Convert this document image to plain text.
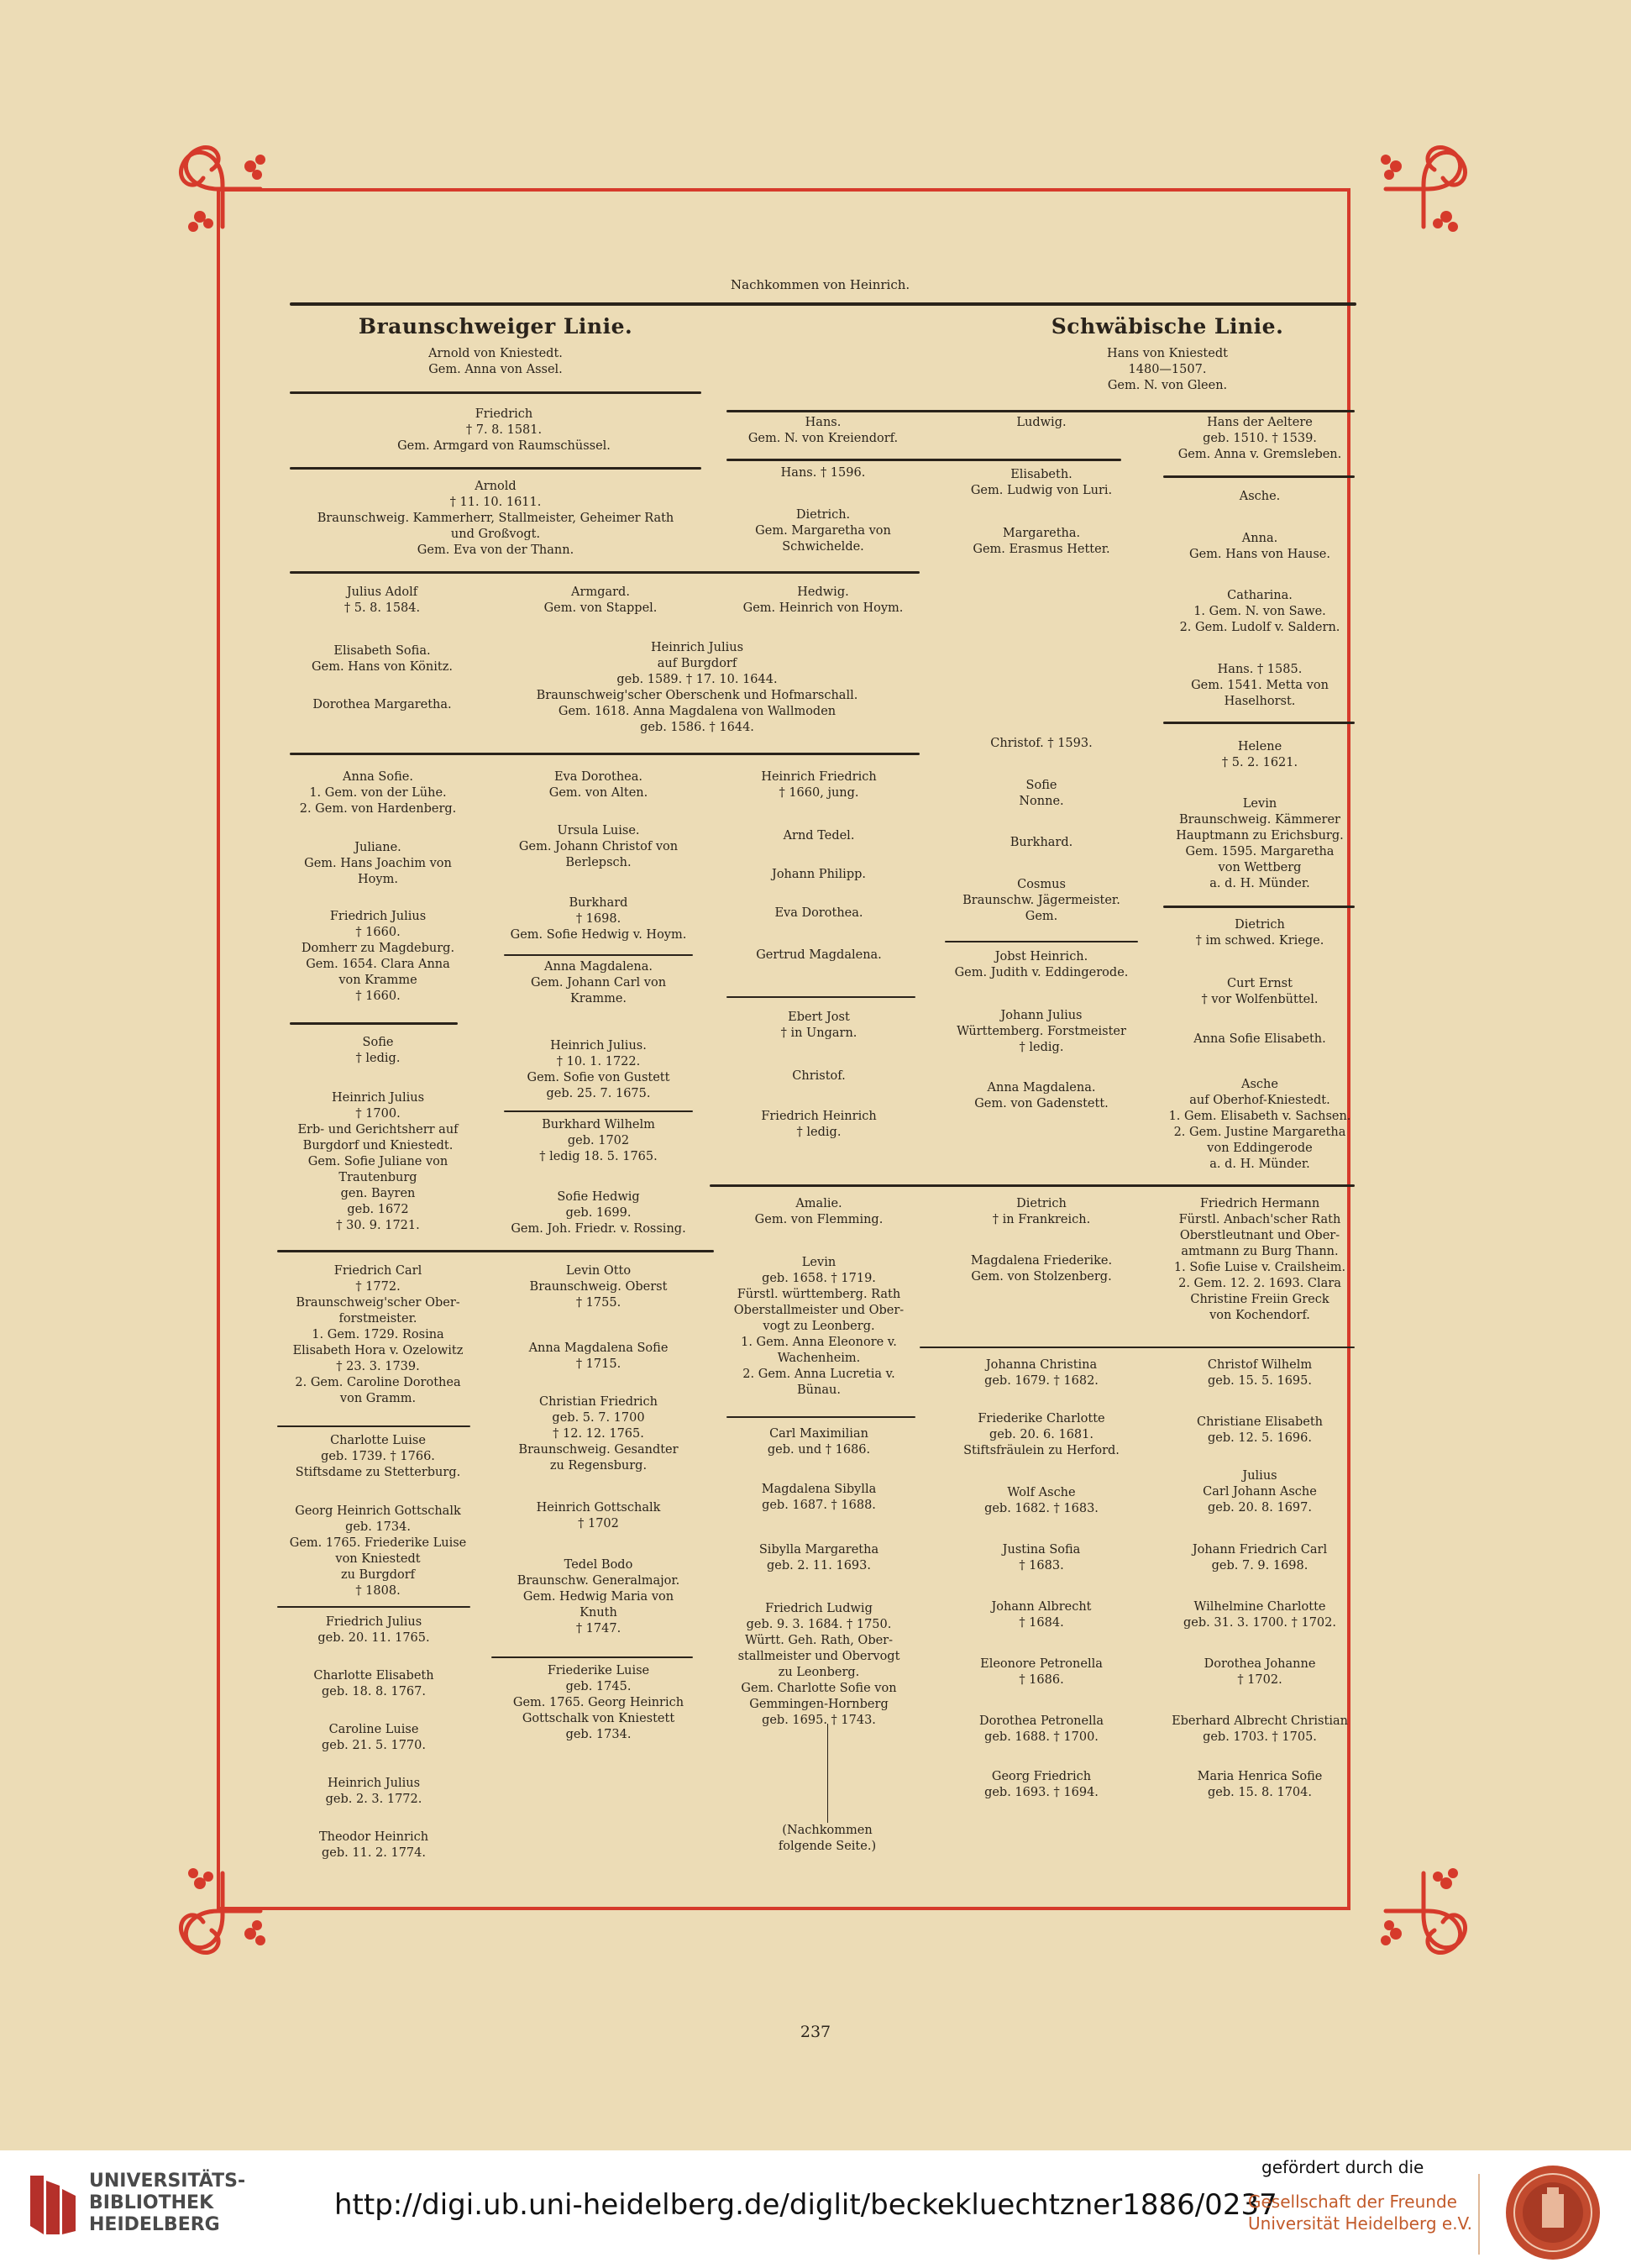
Nachkommen von Heinrich.
Braunschweiger Linie.	Schwäbische Linie.

Arnold von Kniestedt.
Gem. Anna von Assel.

Friedrich
† 7. 8. 1581.
Gem. Armgard von Raumschüssel.

Arnold
† 11. 10. 1611.
Braunschweig. Kammerherr, Stallmeister, Geheimer Rath
und Großvogt.
Gem. Eva von der Thann.

Julius Adolf
† 5. 8. 1584.

Armgard.
Gem. von Stappel.

Elisabeth Sofia.
Gem. Hans von Könitz.

Dorothea Margaretha.

Heinrich Julius
auf Burgdorf
geb. 1589. † 17. 10. 1644.
Braunschweig'scher Oberschenk und Hofmarschall.
Gem. 1618. Anna Magdalena von Wallmoden
geb. 1586. † 1644.

Anna Sofie.
1. Gem. von der Lühe.
2. Gem. von Hardenberg.

Juliane.
Gem. Hans Joachim von
Hoym.

Friedrich Julius
† 1660.
Domherr zu Magdeburg.
Gem. 1654. Clara Anna
von Kramme
† 1660.

Sofie
† ledig.

Heinrich Julius
† 1700.
Erb- und Gerichtsherr auf
Burgdorf und Kniestedt.
Gem. Sofie Juliane von
Trautenburg
gen. Bayren
geb. 1672
† 30. 9. 1721.

Eva Dorothea.
Gem. von Alten.

Ursula Luise.
Gem. Johann Christof von
Berlepsch.

Burkhard
† 1698.
Gem. Sofie Hedwig v. Hoym.

Anna Magdalena.
Gem. Johann Carl von
Kramme.

Heinrich Julius.
† 10. 1. 1722.
Gem. Sofie von Gustett
geb. 25. 7. 1675.

Burkhard Wilhelm
geb. 1702
† ledig 18. 5. 1765.

Sofie Hedwig
geb. 1699.
Gem. Joh. Friedr. v. Rossing.

Friedrich Carl
† 1772.
Braunschweig'scher Ober-
forstmeister.
1. Gem. 1729. Rosina
Elisabeth Hora v. Ozelowitz
† 23. 3. 1739.
2. Gem. Caroline Dorothea
von Gramm.

Charlotte Luise
geb. 1739. † 1766.
Stiftsdame zu Stetterburg.

Georg Heinrich Gottschalk
geb. 1734.
Gem. 1765. Friederike Luise
von Kniestedt
zu Burgdorf
† 1808.

Friedrich Julius
geb. 20. 11. 1765.

Charlotte Elisabeth
geb. 18. 8. 1767.

Caroline Luise
geb. 21. 5. 1770.

Heinrich Julius
geb. 2. 3. 1772.

Theodor Heinrich
geb. 11. 2. 1774.

Levin Otto
Braunschweig. Oberst
† 1755.

Anna Magdalena Sofie
† 1715.

Christian Friedrich
geb. 5. 7. 1700
† 12. 12. 1765.
Braunschweig. Gesandter
zu Regensburg.

Heinrich Gottschalk
† 1702

Tedel Bodo
Braunschw. Generalmajor.
Gem. Hedwig Maria von
Knuth
† 1747.

Friederike Luise
geb. 1745.
Gem. 1765. Georg Heinrich
Gottschalk von Kniestett
geb. 1734.

Hans.
Gem. N. von Kreiendorf.

Hans. † 1596.

Dietrich.
Gem. Margaretha von
Schwicheldе.

Hedwig.
Gem. Heinrich von Hoym.

Heinrich Friedrich
† 1660, jung.

Arnd Tedel.

Johann Philipp.

Eva Dorothea.

Gertrud Magdalena.

Ebert Jost
† in Ungarn.

Christof.

Friedrich Heinrich
† ledig.

Amalie.
Gem. von Flemming.

Levin
geb. 1658. † 1719.
Fürstl. württemberg. Rath
Oberstallmeister und Ober-
vogt zu Leonberg.
1. Gem. Anna Eleonore v.
Wachenheim.
2. Gem. Anna Lucretia v.
Bünau.

Carl Maximilian
geb. und † 1686.

Magdalena Sibylla
geb. 1687. † 1688.

Sibylla Margaretha
geb. 2. 11. 1693.

Friedrich Ludwig
geb. 9. 3. 1684. † 1750.
Württ. Geh. Rath, Ober-
stallmeister und Obervogt
zu Leonberg.
Gem. Charlotte Sofie von
Gemmingen-Hornberg
geb. 1695. † 1743.

(Nachkommen
folgende Seite.)

Hans von Kniestedt
1480—1507.
Gem. N. von Gleen.

Ludwig.

Elisabeth.
Gem. Ludwig von Luri.

Margaretha.
Gem. Erasmus Hetter.

Christof. † 1593.

Sofie
Nonne.

Burkhard.

Cosmus
Braunschw. Jägermeister.
Gem.

Jobst Heinrich.
Gem. Judith v. Eddingerode.

Johann Julius
Württemberg. Forstmeister
† ledig.

Anna Magdalena.
Gem. von Gadenstett.

Dietrich
† in Frankreich.

Magdalena Friederike.
Gem. von Stolzenberg.

Johanna Christina
geb. 1679. † 1682.

Friederike Charlotte
geb. 20. 6. 1681.
Stiftsfräulein zu Herford.

Wolf Asche
geb. 1682. † 1683.

Justina Sofia
† 1683.

Johann Albrecht
† 1684.

Eleonore Petronella
† 1686.

Dorothea Petronella
geb. 1688. † 1700.

Georg Friedrich
geb. 1693. † 1694.

Hans der Aeltere
geb. 1510. † 1539.
Gem. Anna v. Gremsleben.

Asche.

Anna.
Gem. Hans von Hause.

Catharina.
1. Gem. N. von Sawe.
2. Gem. Ludolf v. Saldern.

Hans. † 1585.
Gem. 1541. Metta von
Haselhorst.

Helene
† 5. 2. 1621.

Levin
Braunschweig. Kämmerer
Hauptmann zu Erichsburg.
Gem. 1595. Margaretha
von Wettberg
a. d. H. Münder.

Dietrich
† im schwed. Kriege.

Curt Ernst
† vor Wolfenbüttel.

Anna Sofie Elisabeth.

Asche
auf Oberhof-Kniestedt.
1. Gem. Elisabeth v. Sachsen.
2. Gem. Justine Margaretha
von Eddingerode
a. d. H. Münder.

Friedrich Hermann
Fürstl. Anbach'scher Rath
Oberstleutnant und Ober-
amtmann zu Burg Thann.
1. Sofie Luise v. Crailsheim.
2. Gem. 12. 2. 1693. Clara
Christine Freiin Greck
von Kochendorf.

Christof Wilhelm
geb. 15. 5. 1695.

Christiane Elisabeth
geb. 12. 5. 1696.

Julius
Carl Johann Asche
geb. 20. 8. 1697.

Johann Friedrich Carl
geb. 7. 9. 1698.

Wilhelmine Charlotte
geb. 31. 3. 1700. † 1702.

Dorothea Johanne
† 1702.

Eberhard Albrecht Christian
geb. 1703. † 1705.

Maria Henrica Sofie
geb. 15. 8. 1704.

237
UNIVERSITÄTS-
BIBLIOTHEK
HEIDELBERG
http://digi.ub.uni-heidelberg.de/diglit/beckekluechtzner1886/0237
gefördert durch die
Gesellschaft der Freunde
Universität Heidelberg e.V.
